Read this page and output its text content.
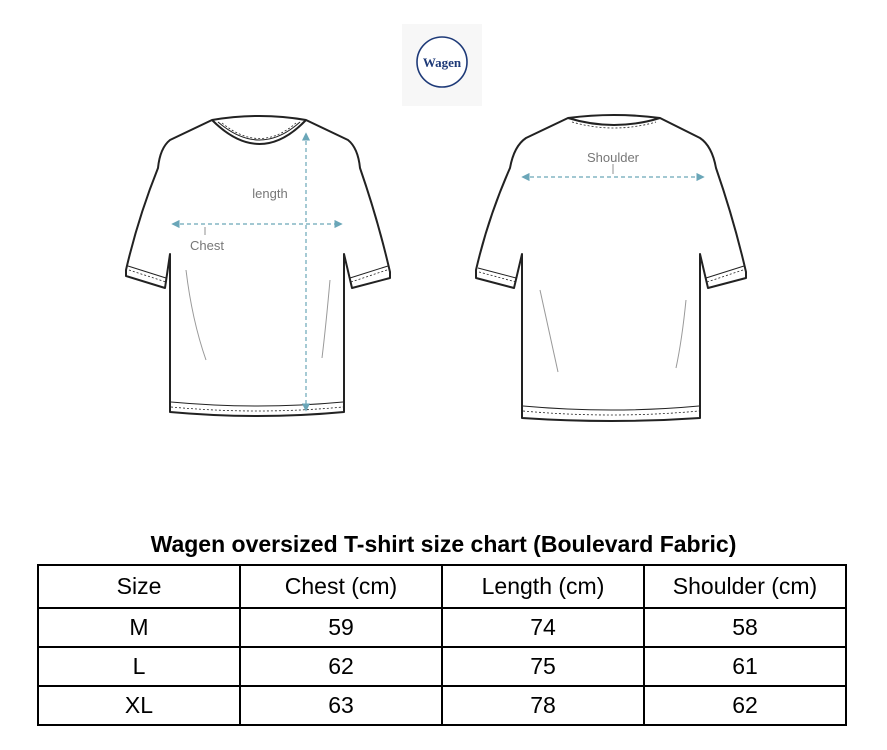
Wagen
length
Chest
Shoulder
Wagen oversized T-shirt size chart (Boulevard Fabric)
Size	Chest (cm)	Length (cm)	Shoulder (cm)
M	59	74	58
L	62	75	61
XL	63	78	62
